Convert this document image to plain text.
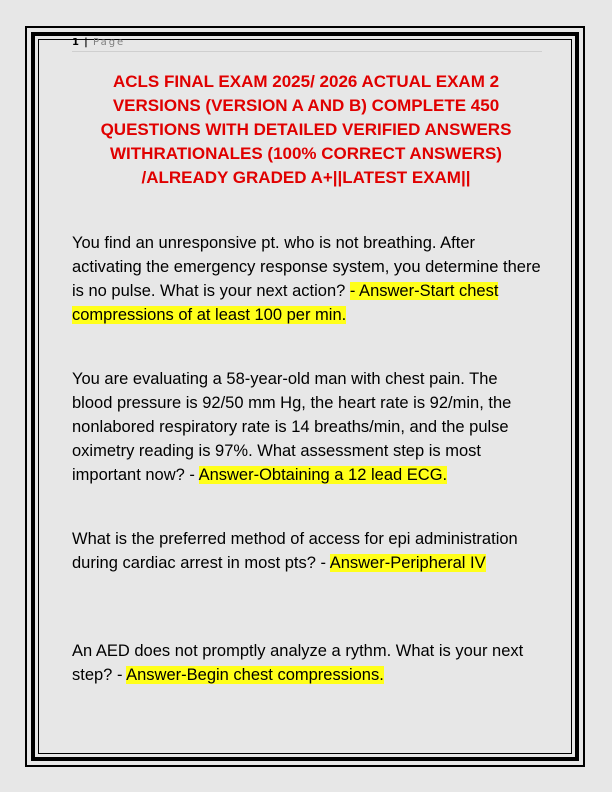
1 | Page
ACLS FINAL EXAM 2025/ 2026 ACTUAL EXAM 2 VERSIONS (VERSION A AND B) COMPLETE 450 QUESTIONS WITH DETAILED VERIFIED ANSWERS WITHRATIONALES (100% CORRECT ANSWERS) /ALREADY GRADED A+||LATEST EXAM||
You find an unresponsive pt. who is not breathing. After activating the emergency response system, you determine there is no pulse. What is your next action? - Answer-Start chest compressions of at least 100 per min.
You are evaluating a 58-year-old man with chest pain. The blood pressure is 92/50 mm Hg, the heart rate is 92/min, the nonlabored respiratory rate is 14 breaths/min, and the pulse oximetry reading is 97%. What assessment step is most important now? - Answer-Obtaining a 12 lead ECG.
What is the preferred method of access for epi administration during cardiac arrest in most pts? - Answer-Peripheral IV
An AED does not promptly analyze a rythm. What is your next step? - Answer-Begin chest compressions.
